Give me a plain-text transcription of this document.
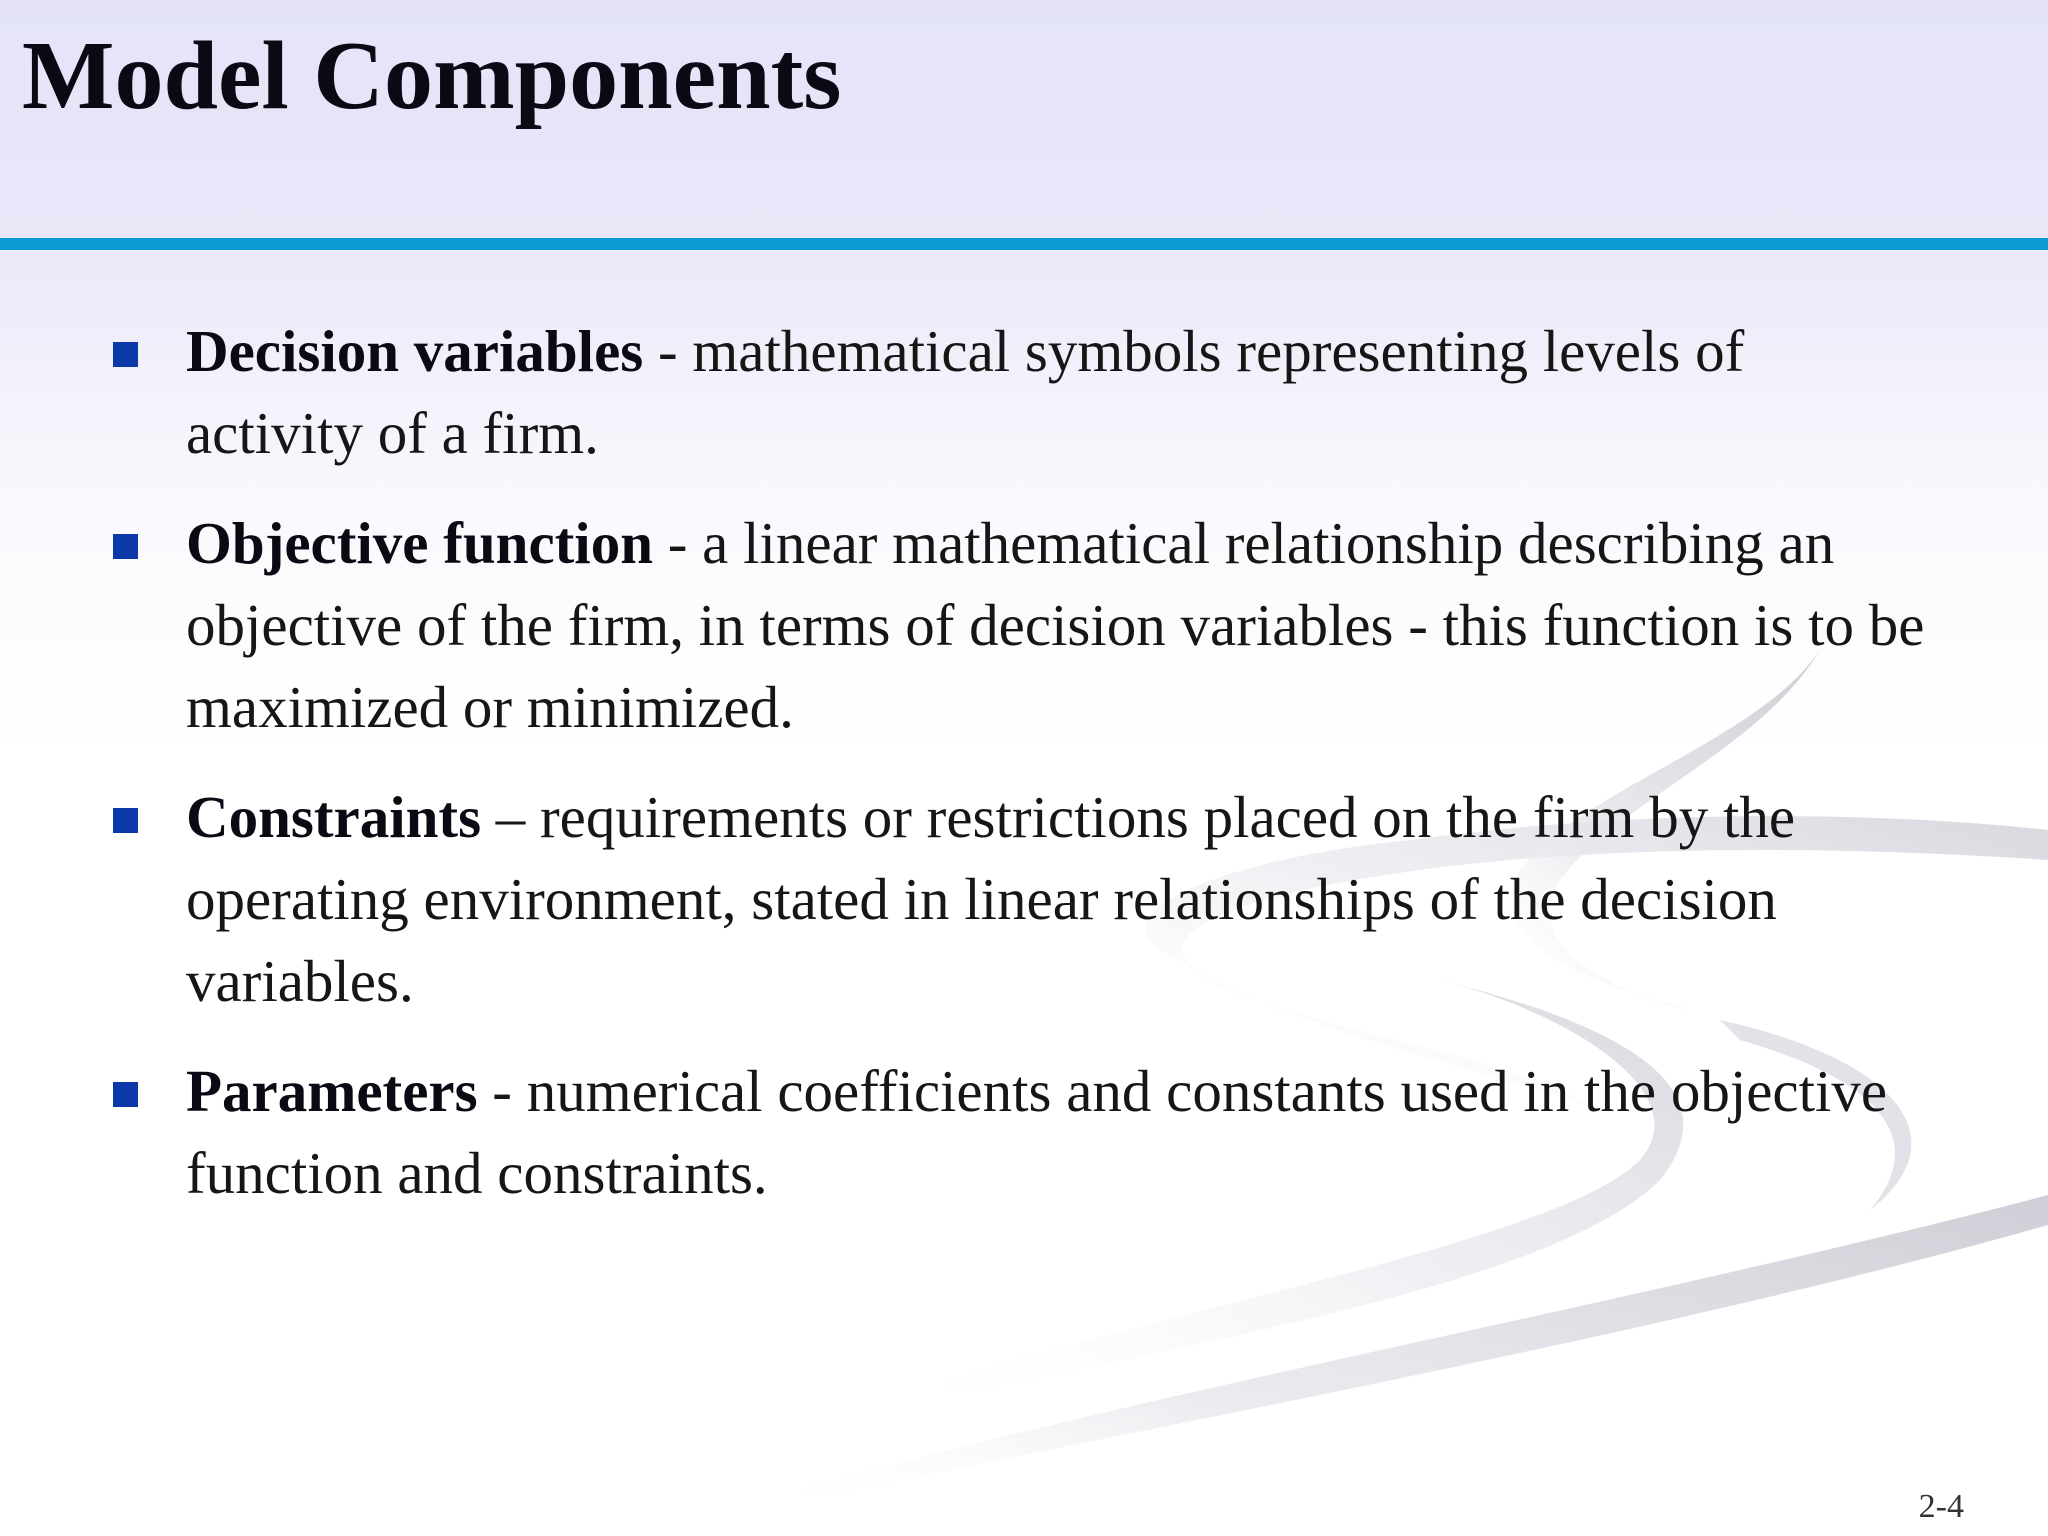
Model Components
Decision variables - mathematical symbols representing levels of activity of a firm.
Objective function - a linear mathematical relationship describing an objective of the firm, in terms of decision variables - this function is to be maximized or minimized.
Constraints – requirements or restrictions placed on the firm by the operating environment, stated in linear relationships of the decision variables.
Parameters - numerical coefficients and constants used in the objective function and constraints.
2-4
